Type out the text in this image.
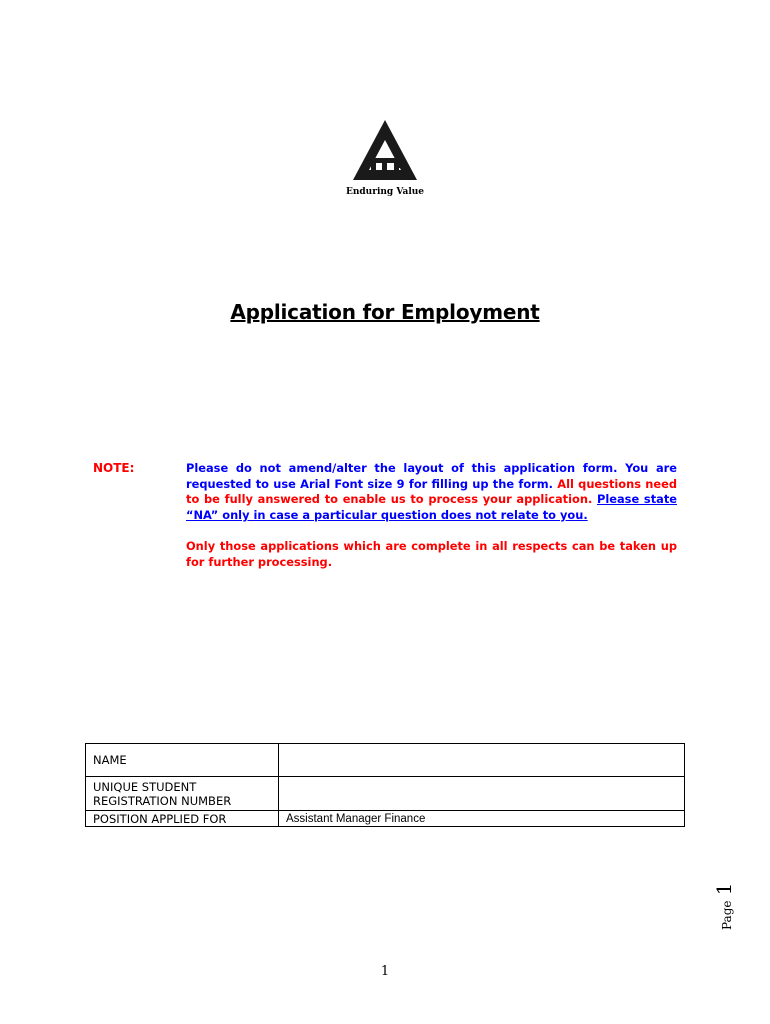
Enduring Value
Application for Employment
NOTE:	Please do not amend/alter the layout of this application form. You are requested to use Arial Font size 9 for filling up the form. All questions need to be fully answered to enable us to process your application. Please state “NA” only in case a particular question does not relate to you.
Only those applications which are complete in all respects can be taken up for further processing.
NAME	
UNIQUE STUDENT REGISTRATION NUMBER	
POSITION APPLIED FOR	Assistant Manager Finance
Page 1
1
